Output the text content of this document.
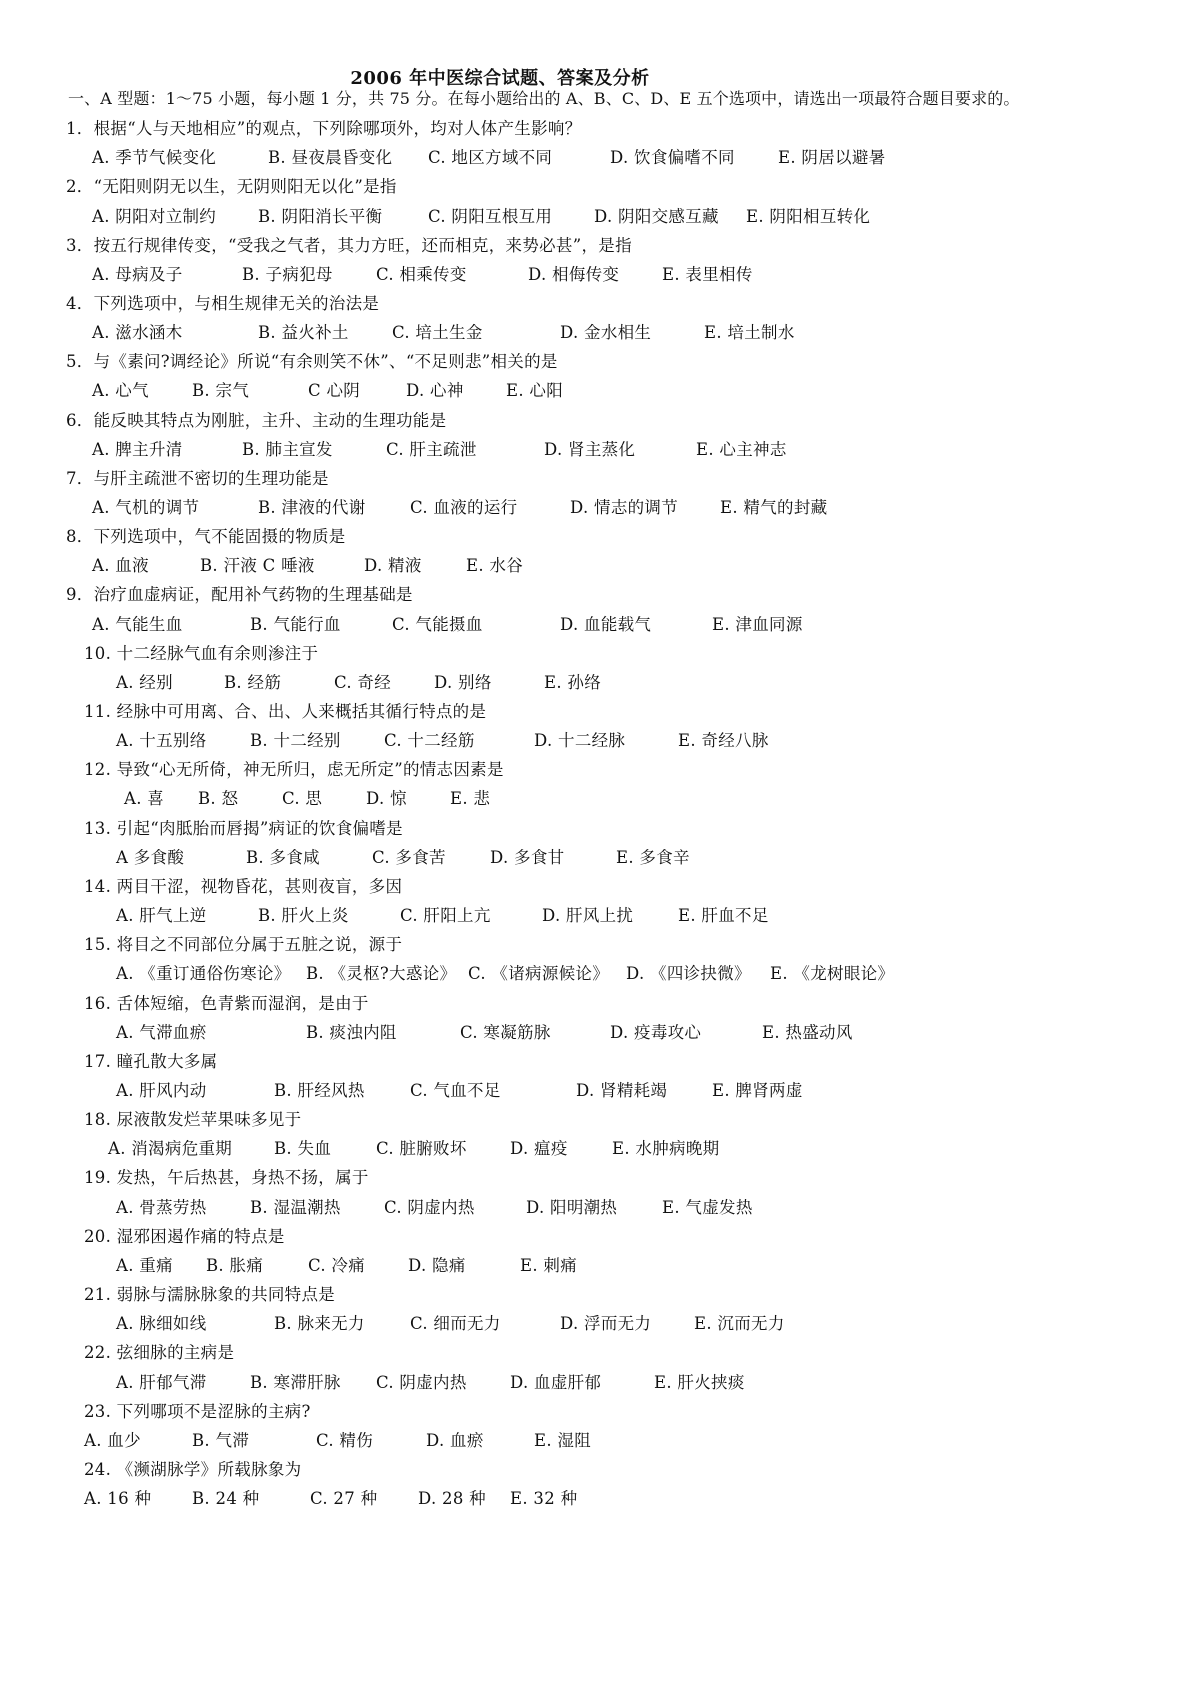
2006 年中医综合试题、答案及分析
一、A 型题：1～75 小题，每小题 1 分，共 75 分。在每小题给出的 A、B、C、D、E 五个选项中，请选出一项最符合题目要求的。
1．根据“人与天地相应”的观点，下列除哪项外，均对人体产生影响？
A. 季节气候变化	B. 昼夜晨昏变化 C. 地区方域不同	D. 饮食偏嗜不同	E. 阴居以避暑
2．“无阳则阴无以生，无阴则阳无以化”是指
A. 阴阳对立制约	B. 阴阳消长平衡	C. 阴阳互根互用	D. 阴阳交感互藏 E. 阴阳相互转化
3．按五行规律传变，“受我之气者，其力方旺，还而相克，来势必甚”，是指
A. 母病及子	B. 子病犯母	C. 相乘传变	D. 相侮传变	E. 表里相传
4．下列选项中，与相生规律无关的治法是
A. 滋水涵木	B. 益火补土	C. 培土生金	D. 金水相生	E. 培土制水
5．与《素问?调经论》所说“有余则笑不休”、“不足则悲”相关的是
A. 心气	B. 宗气	C 心阴	D. 心神	E. 心阳
6．能反映其特点为刚脏，主升、主动的生理功能是
A. 脾主升清	B. 肺主宣发	C. 肝主疏泄	D. 肾主蒸化	E. 心主神志
7．与肝主疏泄不密切的生理功能是
A. 气机的调节	B. 津液的代谢	C. 血液的运行	D. 情志的调节	E. 精气的封藏
8．下列选项中，气不能固摄的物质是
A. 血液	B. 汗液 C 唾液	D. 精液	E. 水谷
9．治疗血虚病证，配用补气药物的生理基础是
A. 气能生血	B. 气能行血	C. 气能摄血	D. 血能载气	E. 津血同源
10. 十二经脉气血有余则渗注于
A. 经别	B. 经筋	C. 奇经	D. 别络	E. 孙络
11. 经脉中可用离、合、出、人来概括其循行特点的是
A. 十五别络	B. 十二经别	C. 十二经筋	D. 十二经脉	E. 奇经八脉
12. 导致“心无所倚，神无所归，虑无所定”的情志因素是
A. 喜 B. 怒	C. 思	D. 惊	E. 悲
13. 引起“肉胝胎而唇揭”病证的饮食偏嗜是
A 多食酸	B. 多食咸	C. 多食苦	D. 多食甘	E. 多食辛
14. 两目干涩，视物昏花，甚则夜盲，多因
A. 肝气上逆	B. 肝火上炎	C. 肝阳上亢	D. 肝风上扰	E. 肝血不足
15. 将目之不同部位分属于五脏之说，源于
A. 《重订通俗伤寒论》 B. 《灵枢?大惑论》 C. 《诸病源候论》 D. 《四诊抉微》 E. 《龙树眼论》
16. 舌体短缩，色青紫而湿润，是由于
A. 气滞血瘀	B. 痰浊内阻	C. 寒凝筋脉	D. 疫毒攻心	E. 热盛动风
17. 瞳孔散大多属
A. 肝风内动	B. 肝经风热	C. 气血不足	D. 肾精耗竭	E. 脾肾两虚
18. 尿液散发烂苹果味多见于
A. 消渴病危重期	B. 失血	C. 脏腑败坏	D. 瘟疫	E. 水肿病晚期
19. 发热，午后热甚，身热不扬，属于
A. 骨蒸劳热	B. 湿温潮热	C. 阴虚内热	D. 阳明潮热	E. 气虚发热
20. 湿邪困遏作痛的特点是
A. 重痛 B. 胀痛	C. 冷痛	D. 隐痛	E. 刺痛
21. 弱脉与濡脉脉象的共同特点是
A. 脉细如线	B. 脉来无力	C. 细而无力	D. 浮而无力	E. 沉而无力
22. 弦细脉的主病是
A. 肝郁气滞	B. 寒滞肝脉 C. 阴虚内热	D. 血虚肝郁	E. 肝火挟痰
23. 下列哪项不是涩脉的主病?
A. 血少	B. 气滞	C. 精伤	D. 血瘀	E. 湿阻
24. 《濒湖脉学》所载脉象为
A. 16 种 B. 24 种	C. 27 种 D. 28 种 E. 32 种
